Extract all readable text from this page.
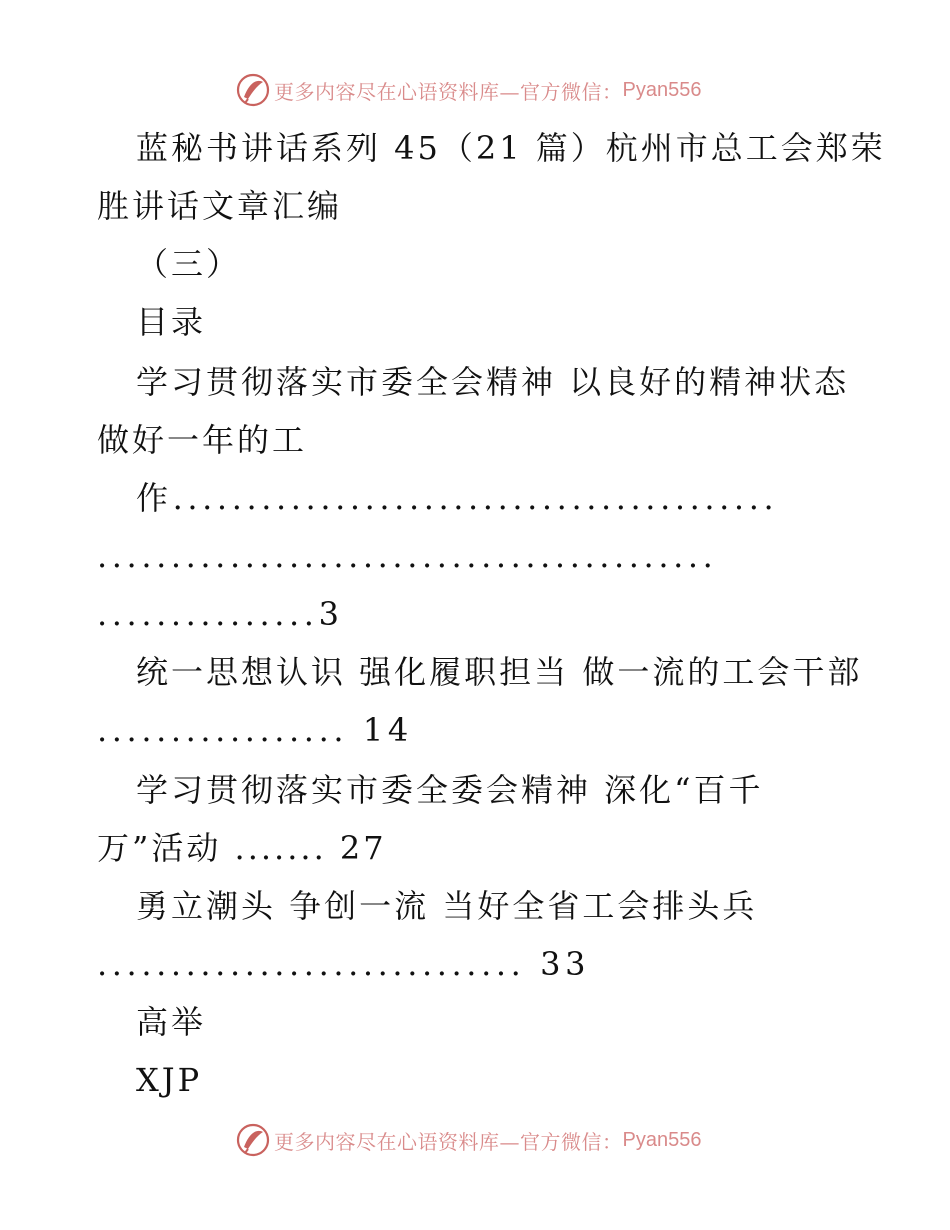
更多内容尽在心语资料库—官方微信： Pyan556
蓝秘书讲话系列 45（21 篇）杭州市总工会郑荣
胜讲话文章汇编
（三）
目录
学习贯彻落实市委全会精神 以良好的精神状态
做好一年的工
作.........................................
..........................................
...............3
统一思想认识 强化履职担当 做一流的工会干部
................. 14
学习贯彻落实市委全委会精神 深化“百千
万”活动 ....... 27
勇立潮头 争创一流 当好全省工会排头兵
............................. 33
高举
XJP
更多内容尽在心语资料库—官方微信： Pyan556
